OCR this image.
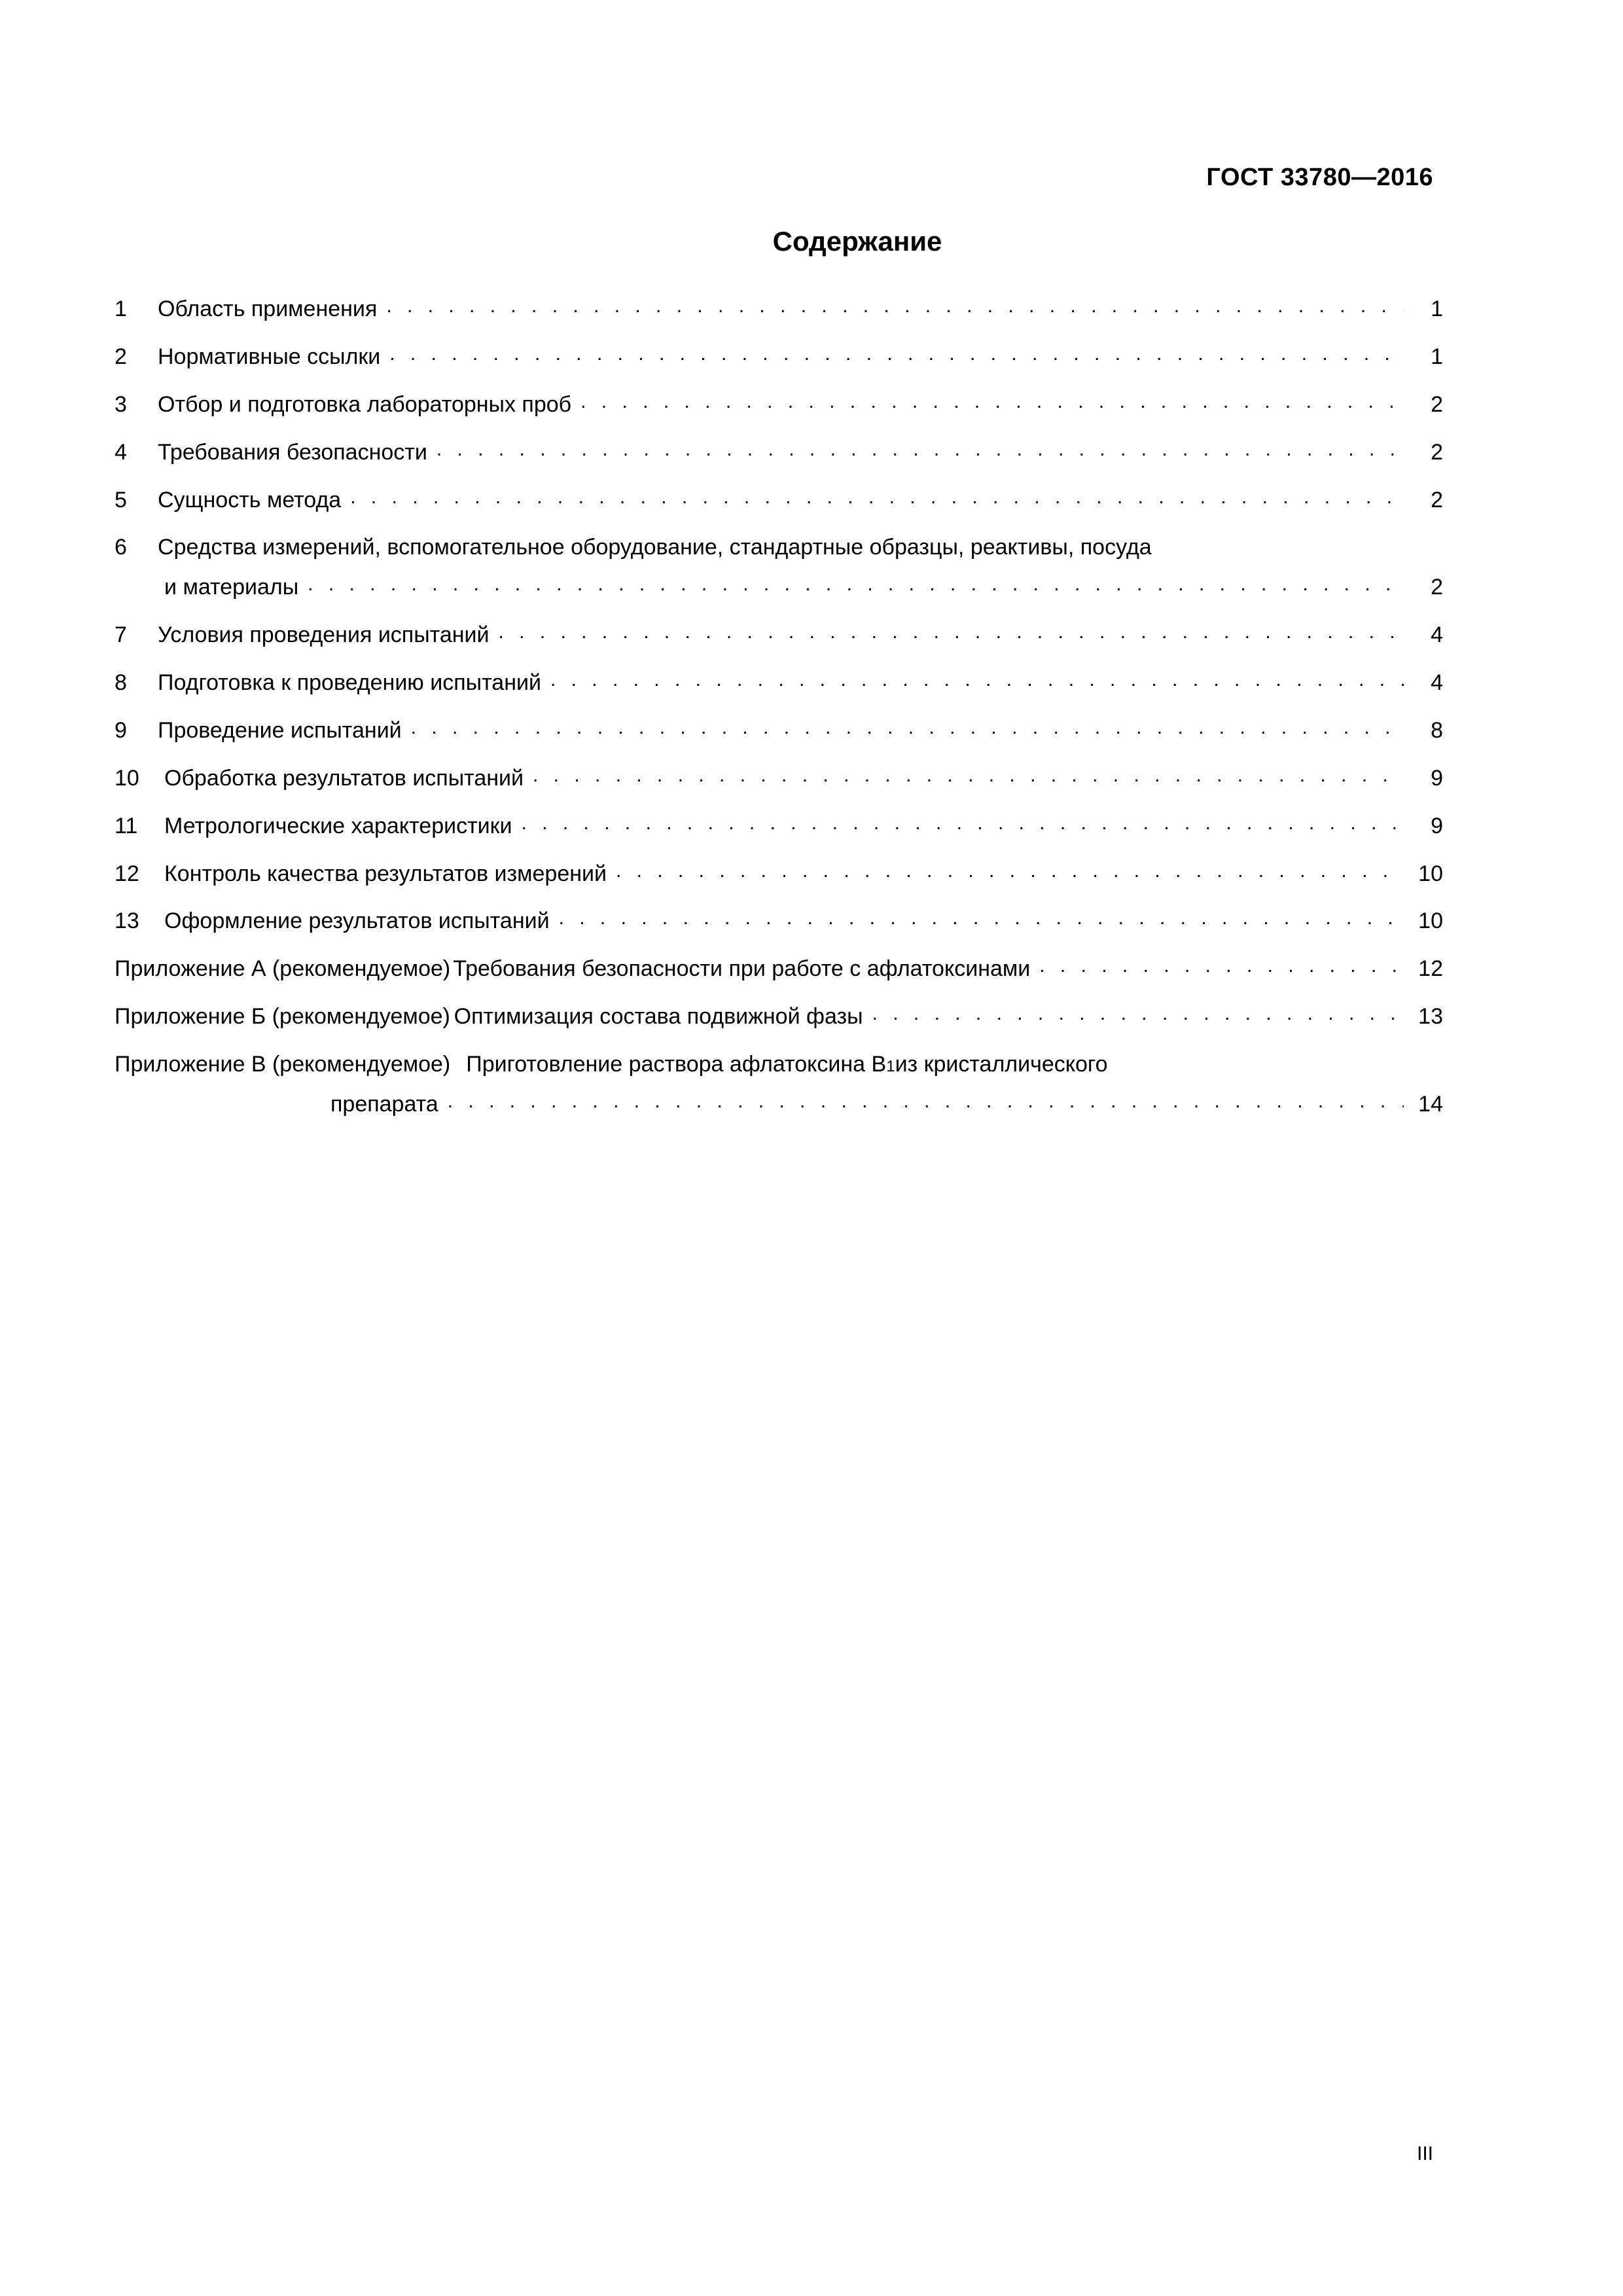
ГОСТ 33780—2016
Содержание
1	Область применения . . .	1
2	Нормативные ссылки . . .	1
3	Отбор и подготовка лабораторных проб . . .	2
4	Требования безопасности . . .	2
5	Сущность метода . . .	2
6	Средства измерений, вспомогательное оборудование, стандартные образцы, реактивы, посуда
и материалы . . .	2
7	Условия проведения испытаний . . .	4
8	Подготовка к проведению испытаний . . .	4
9	Проведение испытаний . . .	8
10	Обработка результатов испытаний . . .	9
11	Метрологические характеристики . . .	9
12	Контроль качества результатов измерений . . .	10
13	Оформление результатов испытаний . . .	10
Приложение А (рекомендуемое) Требования безопасности при работе с афлатоксинами . . .	12
Приложение Б (рекомендуемое) Оптимизация состава подвижной фазы . . .	13
Приложение В (рекомендуемое) Приготовление раствора афлатоксина В 1 из кристаллического
препарата . . .	14
III
